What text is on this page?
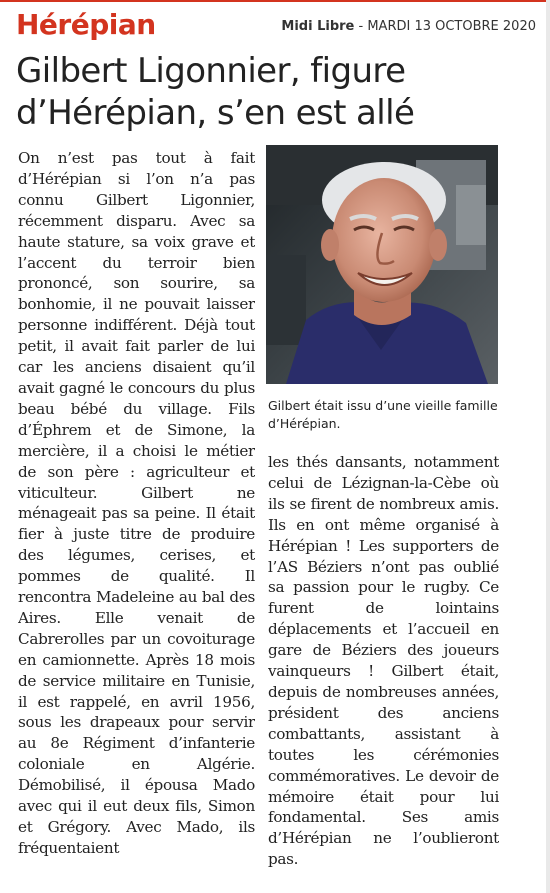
Hérépian	Midi Libre - MARDI 13 OCTOBRE 2020
Gilbert Ligonnier, figure d’Hérépian, s’en est allé
On n’est pas tout à fait d’Hérépian si l’on n’a pas connu Gilbert Ligonnier, récemment disparu. Avec sa haute stature, sa voix grave et l’accent du terroir bien prononcé, son sourire, sa bonhomie, il ne pouvait laisser personne indifférent. Déjà tout petit, il avait fait parler de lui car les anciens disaient qu’il avait gagné le concours du plus beau bébé du village. Fils d’Éphrem et de Simone, la mercière, il a choisi le métier de son père : agriculteur et viticulteur. Gilbert ne ménageait pas sa peine. Il était fier à juste titre de produire des légumes, cerises, et pommes de qualité. Il rencontra Madeleine au bal des Aires. Elle venait de Cabrerolles par un covoiturage en camionnette. Après 18 mois de service militaire en Tunisie, il est rappelé, en avril 1956, sous les drapeaux pour servir au 8e Régiment d’infanterie coloniale en Algérie. Démobilisé, il épousa Mado avec qui il eut deux fils, Simon et Grégory. Avec Mado, ils fréquentaient
Gilbert était issu d’une vieille famille d’Hérépian.
les thés dansants, notamment celui de Lézignan-la-Cèbe où ils se firent de nombreux amis. Ils en ont même organisé à Hérépian ! Les supporters de l’AS Béziers n’ont pas oublié sa passion pour le rugby. Ce furent de lointains déplacements et l’accueil en gare de Béziers des joueurs vainqueurs ! Gilbert était, depuis de nombreuses années, président des anciens combattants, assistant à toutes les cérémonies commémoratives. Le devoir de mémoire était pour lui fondamental. Ses amis d’Hérépian ne l’oublieront pas.
